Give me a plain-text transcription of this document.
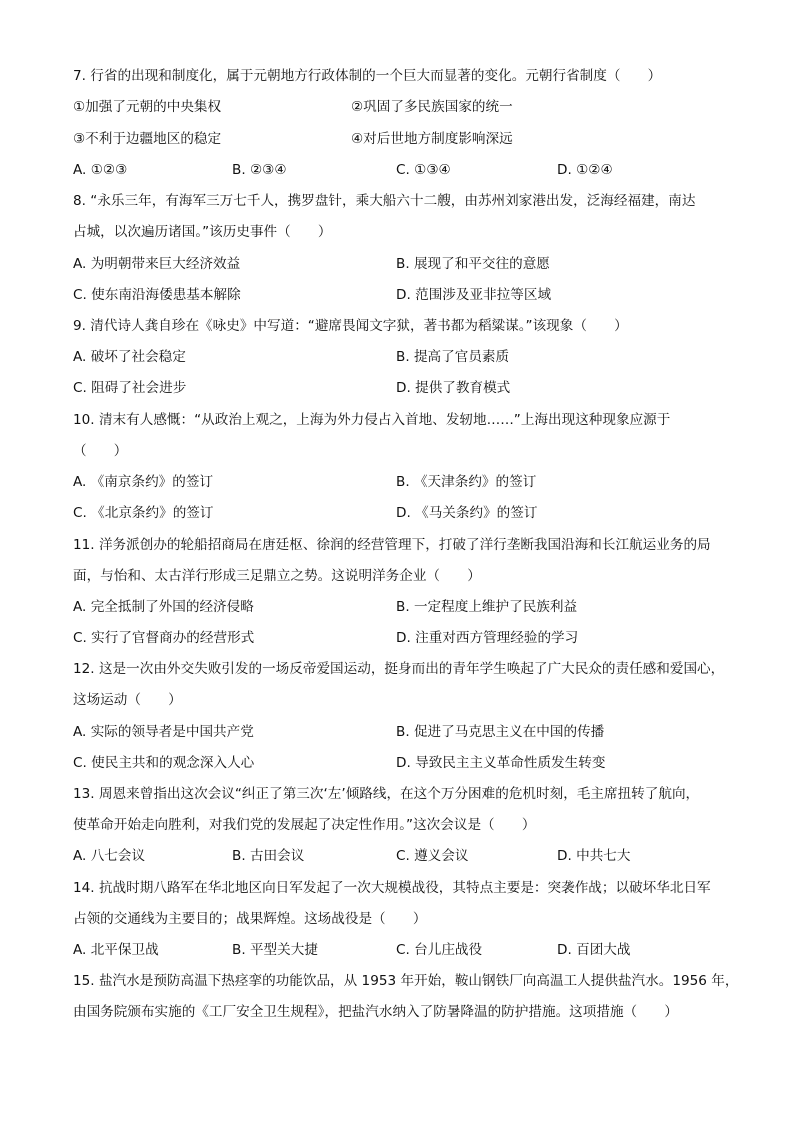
7. 行省的出现和制度化，属于元朝地方行政体制的一个巨大而显著的变化。元朝行省制度（　　）
①加强了元朝的中央集权	②巩固了多民族国家的统一
③不利于边疆地区的稳定	④对后世地方制度影响深远
A. ①②③	B. ②③④	C. ①③④	D. ①②④
8. “永乐三年，有海军三万七千人，携罗盘针，乘大船六十二艘，由苏州刘家港出发，泛海经福建，南达
占城，以次遍历诸国。”该历史事件（　　）
A. 为明朝带来巨大经济效益	B. 展现了和平交往的意愿
C. 使东南沿海倭患基本解除	D. 范围涉及亚非拉等区域
9. 清代诗人龚自珍在《咏史》中写道：“避席畏闻文字狱，著书都为稻粱谋。”该现象（　　）
A. 破坏了社会稳定	B. 提高了官员素质
C. 阻碍了社会进步	D. 提供了教育模式
10. 清末有人感慨：“从政治上观之，上海为外力侵占入首地、发轫地……”上海出现这种现象应源于
（　　）
A. 《南京条约》的签订	B. 《天津条约》的签订
C. 《北京条约》的签订	D. 《马关条约》的签订
11. 洋务派创办的轮船招商局在唐廷枢、徐润的经营管理下，打破了洋行垄断我国沿海和长江航运业务的局
面，与怡和、太古洋行形成三足鼎立之势。这说明洋务企业（　　）
A. 完全抵制了外国的经济侵略	B. 一定程度上维护了民族利益
C. 实行了官督商办的经营形式	D. 注重对西方管理经验的学习
12. 这是一次由外交失败引发的一场反帝爱国运动，挺身而出的青年学生唤起了广大民众的责任感和爱国心，
这场运动（　　）
A. 实际的领导者是中国共产党	B. 促进了马克思主义在中国的传播
C. 使民主共和的观念深入人心	D. 导致民主主义革命性质发生转变
13. 周恩来曾指出这次会议“纠正了第三次‘左’倾路线，在这个万分困难的危机时刻，毛主席扭转了航向，
使革命开始走向胜利，对我们党的发展起了决定性作用。”这次会议是（　　）
A. 八七会议	B. 古田会议	C. 遵义会议	D. 中共七大
14. 抗战时期八路军在华北地区向日军发起了一次大规模战役，其特点主要是：突袭作战；以破坏华北日军
占领的交通线为主要目的；战果辉煌。这场战役是（　　）
A. 北平保卫战	B. 平型关大捷	C. 台儿庄战役	D. 百团大战
15. 盐汽水是预防高温下热痉挛的功能饮品，从 1953 年开始，鞍山钢铁厂向高温工人提供盐汽水。1956 年，
由国务院颁布实施的《工厂安全卫生规程》，把盐汽水纳入了防暑降温的防护措施。这项措施（　　）
